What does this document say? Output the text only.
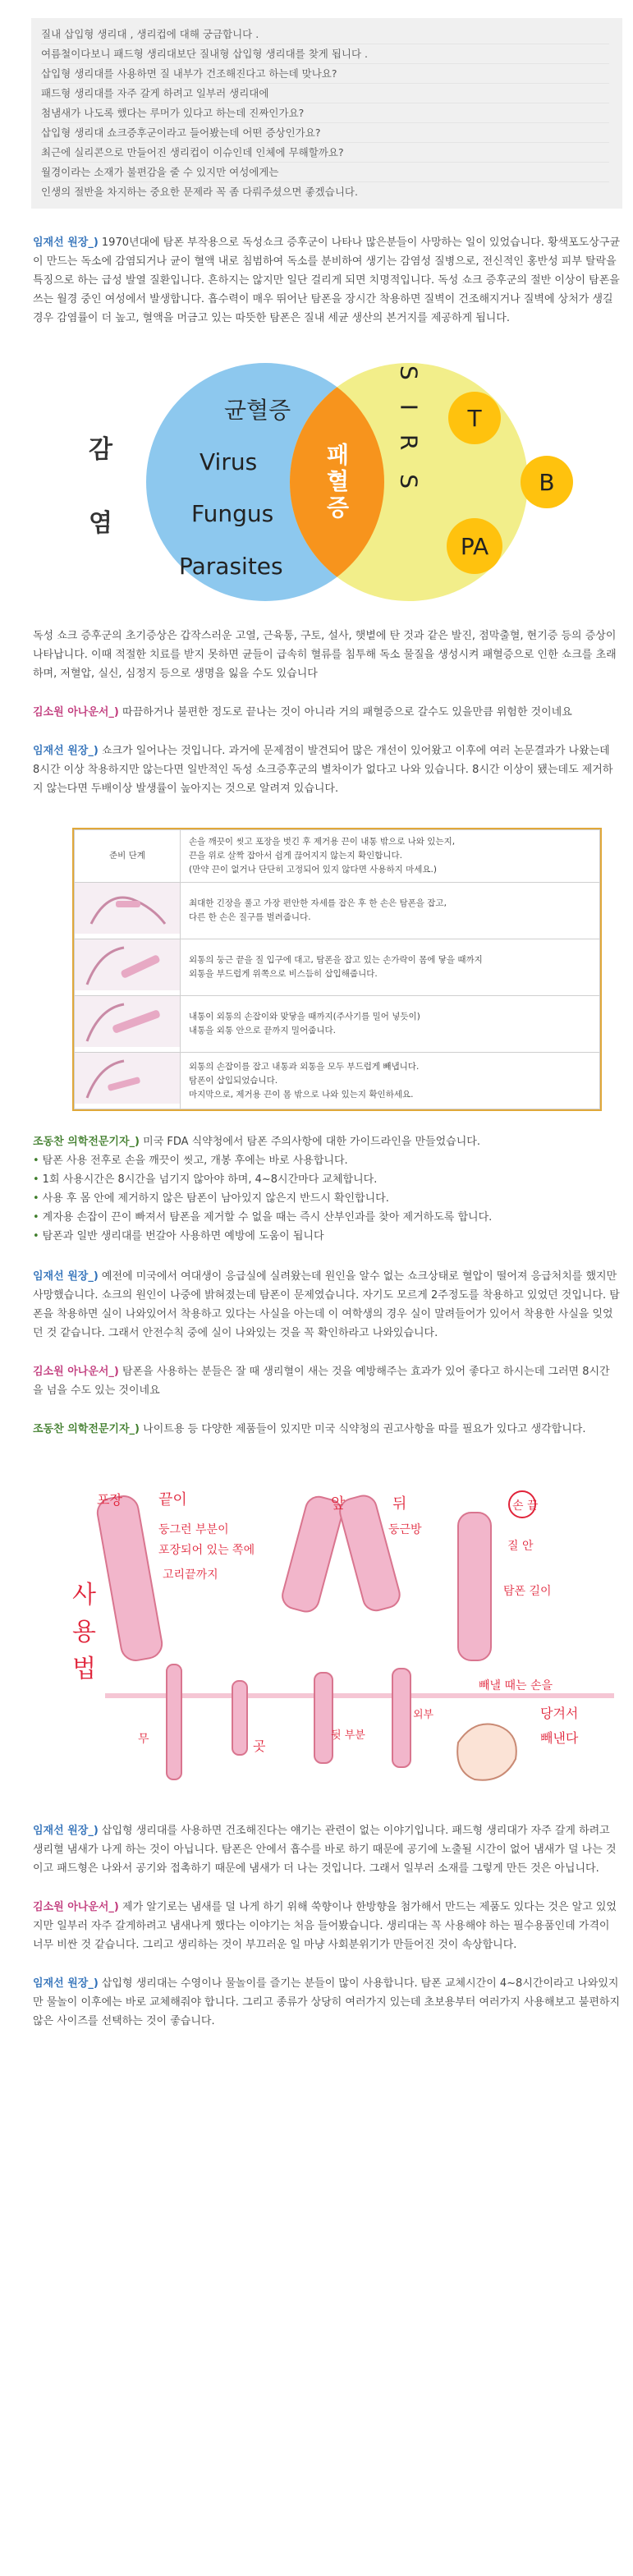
질내 삽입형 생리대 , 생리컵에 대해 궁금합니다 .
여름철이다보니 패드형 생리대보단 질내형 삽입형 생리대를 찾게 됩니다 .
삽입형 생리대를 사용하면 질 내부가 건조해진다고 하는데 맞나요?
패드형 생리대를 자주 갈게 하려고 일부러 생리대에
첨냄새가 나도록 했다는 루머가 있다고 하는데 진짜인가요?
삽입형 생리대 쇼크증후군이라고 들어봤는데 어떤 증상인가요?
최근에 실리콘으로 만들어진 생리컵이 이슈인데 인체에 무해할까요?
월경이라는 소재가 불편감을 줄 수 있지만 여성에게는
인생의 절반을 차지하는 중요한 문제라 꼭 좀 다뤄주셨으면 좋겠습니다.
임재선 원장_) 1970년대에 탐폰 부작용으로 독성쇼크 증후군이 나타나 많은분들이 사망하는 일이 있었습니다. 황색포도상구균이 만드는 독소에 감염되거나 균이 혈액 내로 침범하여 독소를 분비하여 생기는 감염성 질병으로, 전신적인 홍반성 피부 탈락을 특징으로 하는 급성 발열 질환입니다. 흔하지는 않지만 일단 걸리게 되면 치명적입니다. 독성 쇼크 증후군의 절반 이상이 탐폰을 쓰는 월경 중인 여성에서 발생합니다. 흡수력이 매우 뛰어난 탐폰을 장시간 착용하면 질벽이 건조해지거나 질벽에 상처가 생길 경우 감염률이 더 높고, 혈액을 머금고 있는 따뜻한 탐폰은 질내 세균 생산의 본거지를 제공하게 됩니다.
감
염
균혈증
Virus
Fungus
Parasites
패혈증 S I R S T
B
PA
독성 쇼크 증후군의 초기증상은 갑작스러운 고열, 근육통, 구토, 설사, 햇볕에 탄 것과 같은 발진, 점막출혈, 현기증 등의 증상이 나타납니다. 이때 적절한 치료를 받지 못하면 균들이 급속히 혈류를 침투해 독소 물질을 생성시켜 패혈증으로 인한 쇼크를 초래하며, 저혈압, 실신, 심정지 등으로 생명을 잃을 수도 있습니다
김소원 아나운서_) 따끔하거나 불편한 정도로 끝나는 것이 아니라 거의 패혈증으로 갈수도 있을만큼 위험한 것이네요
임재선 원장_) 쇼크가 일어나는 것입니다. 과거에 문제점이 발견되어 많은 개선이 있어왔고 이후에 여러 논문결과가 나왔는데 8시간 이상 착용하지만 않는다면 일반적인 독성 쇼크증후군의 별차이가 없다고 나와 있습니다. 8시간 이상이 됐는데도 제거하지 않는다면 두배이상 발생률이 높아지는 것으로 알려져 있습니다.
준비 단계	손을 깨끗이 씻고 포장을 벗긴 후 제거용 끈이 내통 밖으로 나와 있는지,
끈을 위로 살짝 잡아서 쉽게 끊어지지 않는지 확인합니다.
(만약 끈이 없거나 단단히 고정되어 있지 않다면 사용하지 마세요.)

최대한 긴장을 풀고 가장 편안한 자세를 잡은 후 한 손은 탐폰을 잡고,
다른 한 손은 질구를 벌려줍니다.

외통의 둥근 끝을 질 입구에 대고, 탐폰을 잡고 있는 손가락이 몸에 닿을 때까지
외통을 부드럽게 위쪽으로 비스듬히 삽입해줍니다.

내통이 외통의 손잡이와 맞닿을 때까지(주사기를 밀어 넣듯이)
내통을 외통 안으로 끝까지 밀어줍니다.

외통의 손잡이를 잡고 내통과 외통을 모두 부드럽게 빼냅니다.
탐폰이 삽입되었습니다.
마지막으로, 제거용 끈이 몸 밖으로 나와 있는지 확인하세요.
조동찬 의학전문기자_) 미국 FDA 식약청에서 탐폰 주의사항에 대한 가이드라인을 만들었습니다.
• 탐폰 사용 전후로 손을 깨끗이 씻고, 개봉 후에는 바로 사용합니다.
• 1회 사용시간은 8시간을 넘기지 않아야 하며, 4~8시간마다 교체합니다.
• 사용 후 몸 안에 제거하지 않은 탐폰이 남아있지 않은지 반드시 확인합니다.
• 계자용 손잡이 끈이 빠져서 탐폰을 제거할 수 없을 때는 즉시 산부인과를 찾아 제거하도록 합니다.
• 탐폰과 일반 생리대를 번갈아 사용하면 예방에 도움이 됩니다
임재선 원장_) 예전에 미국에서 여대생이 응급실에 실려왔는데 원인을 알수 없는 쇼크상태로 혈압이 떨어져 응급처치를 했지만 사망했습니다. 쇼크의 원인이 나중에 밝혀졌는데 탐폰이 문제였습니다. 자기도 모르게 2주정도를 착용하고 있었던 것입니다. 탐폰을 착용하면 실이 나와있어서 착용하고 있다는 사실을 아는데 이 여학생의 경우 실이 말려들어가 있어서 착용한 사실을 잊었던 것 같습니다. 그래서 안전수칙 중에 실이 나와있는 것을 꼭 확인하라고 나와있습니다.
김소원 아나운서_) 탐폰을 사용하는 분들은 잘 때 생리혈이 새는 것을 예방해주는 효과가 있어 좋다고 하시는데 그러면 8시간을 넘을 수도 있는 것이네요
조동찬 의학전문기자_) 나이트용 등 다양한 제품들이 있지만 미국 식약청의 권고사항을 따를 필요가 있다고 생각합니다.
사
용
법
포장 끝이
둥그런 부분이
포장되어 있는 쪽에
고리끝까지
앞	뒤
둥근방
손 끝
질 안
탐폰 길이
무	곳
뒷 부분
외부
빼낼 때는 손을
당겨서
빼낸다
임재선 원장_) 삽입형 생리대를 사용하면 건조해진다는 얘기는 관련이 없는 이야기입니다. 패드형 생리대가 자주 갈게 하려고 생리혈 냄새가 나게 하는 것이 아닙니다. 탐폰은 안에서 흡수를 바로 하기 때문에 공기에 노출될 시간이 없어 냄새가 덜 나는 것이고 패드형은 나와서 공기와 접촉하기 때문에 냄새가 더 나는 것입니다. 그래서 일부러 소재를 그렇게 만든 것은 아닙니다.
김소원 아나운서_) 제가 알기로는 냄새를 덜 나게 하기 위해 쑥향이나 한방향을 첨가해서 만드는 제품도 있다는 것은 알고 있었지만 일부러 자주 갈게하려고 냄새나게 했다는 이야기는 처음 들어봤습니다. 생리대는 꼭 사용해야 하는 필수용품인데 가격이 너무 비싼 것 같습니다. 그리고 생리하는 것이 부끄러운 일 마냥 사회분위기가 만들어진 것이 속상합니다.
임재선 원장_) 삽입형 생리대는 수영이나 물놀이를 즐기는 분들이 많이 사용합니다. 탐폰 교체시간이 4~8시간이라고 나와있지만 물놀이 이후에는 바로 교체해줘야 합니다. 그리고 종류가 상당히 여러가지 있는데 초보용부터 여러가지 사용해보고 불편하지 않은 사이즈를 선택하는 것이 좋습니다.
